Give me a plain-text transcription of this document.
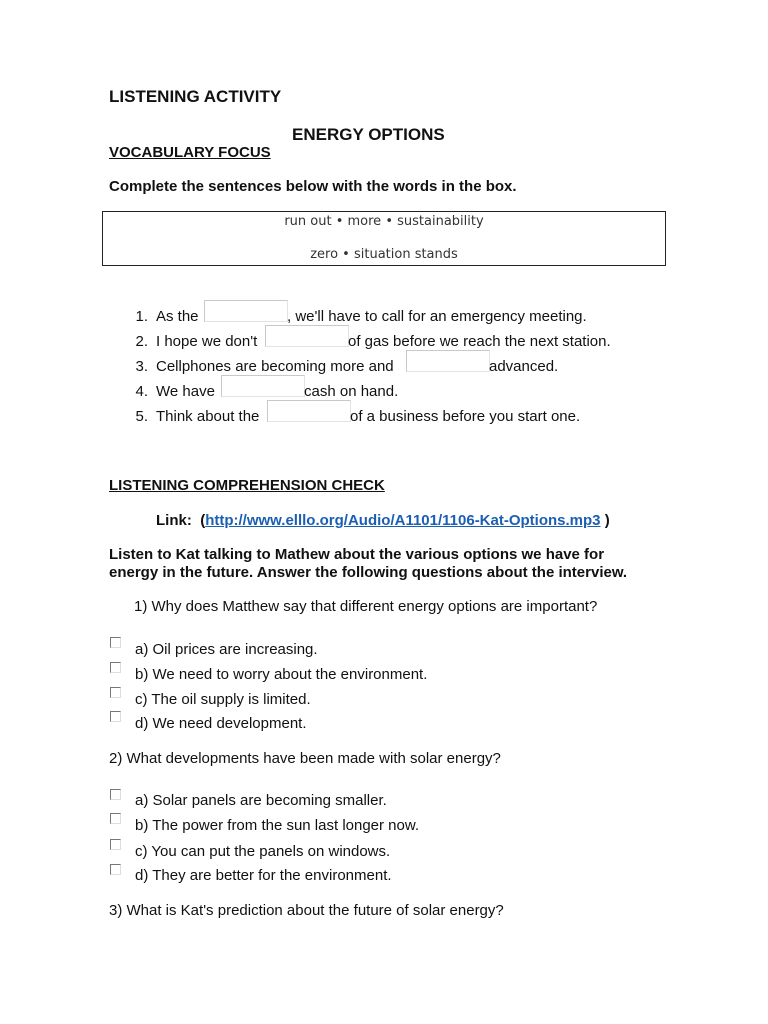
LISTENING ACTIVITY
ENERGY OPTIONS
VOCABULARY FOCUS
Complete the sentences below with the words in the box.
run out • more • sustainability
zero • situation stands
1. As the	, we'll have to call for an emergency meeting.
2. I hope we don't	of gas before we reach the next station.
3. Cellphones are becoming more and	advanced.
4. We have	cash on hand.
5. Think about the	of a business before you start one.
LISTENING COMPREHENSION CHECK
Link: (http://www.elllo.org/Audio/A1101/1106-Kat-Options.mp3 )
Listen to Kat talking to Mathew about the various options we have for
energy in the future. Answer the following questions about the interview.
1) Why does Matthew say that different energy options are important?
a) Oil prices are increasing.
b) We need to worry about the environment.
c) The oil supply is limited.
d) We need development.
2) What developments have been made with solar energy?
a) Solar panels are becoming smaller.
b) The power from the sun last longer now.
c) You can put the panels on windows.
d) They are better for the environment.
3) What is Kat's prediction about the future of solar energy?
